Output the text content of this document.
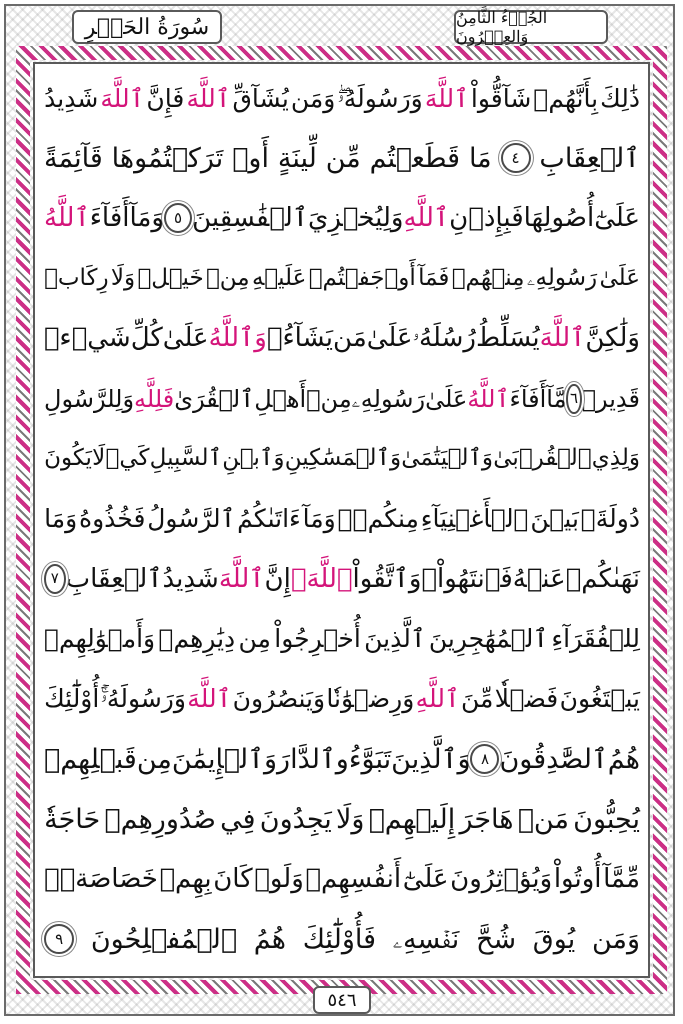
سُورَةُ الحَشۡرِ	الجُزۡءُ الثَّامِنُ وَالعِشۡرُونَ
ذَٰلِكَ
بِأَنَّهُمۡ
شَآقُّواْ
ٱللَّهَ
وَرَسُولَهُۥۖ
وَمَن
يُشَآقِّ
ٱللَّهَ
فَإِنَّ
ٱللَّهَ
شَدِيدُ
ٱلۡعِقَابِ
٤
مَا
قَطَعۡتُم
مِّن
لِّينَةٍ
أَوۡ
تَرَكۡتُمُوهَا
قَآئِمَةً
عَلَىٰٓ
أُصُولِهَا
فَبِإِذۡنِ
ٱللَّهِ
وَلِيُخۡزِيَ
ٱلۡفَٰسِقِينَ
٥
وَمَآ
أَفَآءَ
ٱللَّهُ
عَلَىٰ
رَسُولِهِۦ
مِنۡهُمۡ
فَمَآ
أَوۡجَفۡتُمۡ
عَلَيۡهِ
مِنۡ
خَيۡلٖ
وَلَا
رِكَابٖ
وَلَٰكِنَّ
ٱللَّهَ
يُسَلِّطُ
رُسُلَهُۥ
عَلَىٰ
مَن
يَشَآءُۚ
وَٱللَّهُ
عَلَىٰ
كُلِّ
شَيۡءٖ
قَدِيرٞ
٦
مَّآ
أَفَآءَ
ٱللَّهُ
عَلَىٰ
رَسُولِهِۦ
مِنۡ
أَهۡلِ
ٱلۡقُرَىٰ
فَلِلَّهِ
وَلِلرَّسُولِ
وَلِذِي
ٱلۡقُرۡبَىٰ
وَٱلۡيَتَٰمَىٰ
وَٱلۡمَسَٰكِينِ
وَٱبۡنِ
ٱلسَّبِيلِ
كَيۡ
لَا
يَكُونَ
دُولَةَۢ
بَيۡنَ
ٱلۡأَغۡنِيَآءِ
مِنكُمۡۚ
وَمَآ
ءَاتَىٰكُمُ
ٱلرَّسُولُ
فَخُذُوهُ
وَمَا
نَهَىٰكُمۡ
عَنۡهُ
فَٱنتَهُواْۚ
وَٱتَّقُواْ
ٱللَّهَۖ
إِنَّ
ٱللَّهَ
شَدِيدُ
ٱلۡعِقَابِ
٧
لِلۡفُقَرَآءِ
ٱلۡمُهَٰجِرِينَ
ٱلَّذِينَ
أُخۡرِجُواْ
مِن
دِيَٰرِهِمۡ
وَأَمۡوَٰلِهِمۡ
يَبۡتَغُونَ
فَضۡلٗا
مِّنَ
ٱللَّهِ
وَرِضۡوَٰنٗا
وَيَنصُرُونَ
ٱللَّهَ
وَرَسُولَهُۥٓۚ
أُوْلَٰٓئِكَ
هُمُ
ٱلصَّٰدِقُونَ
٨
وَٱلَّذِينَ
تَبَوَّءُو
ٱلدَّارَ
وَٱلۡإِيمَٰنَ
مِن
قَبۡلِهِمۡ
يُحِبُّونَ
مَنۡ
هَاجَرَ
إِلَيۡهِمۡ
وَلَا
يَجِدُونَ
فِي
صُدُورِهِمۡ
حَاجَةٗ
مِّمَّآ
أُوتُواْ
وَيُؤۡثِرُونَ
عَلَىٰٓ
أَنفُسِهِمۡ
وَلَوۡ
كَانَ
بِهِمۡ
خَصَاصَةٞۚ
وَمَن
يُوقَ
شُحَّ
نَفۡسِهِۦ
فَأُوْلَٰٓئِكَ
هُمُ
ٱلۡمُفۡلِحُونَ
٩
٥٤٦
